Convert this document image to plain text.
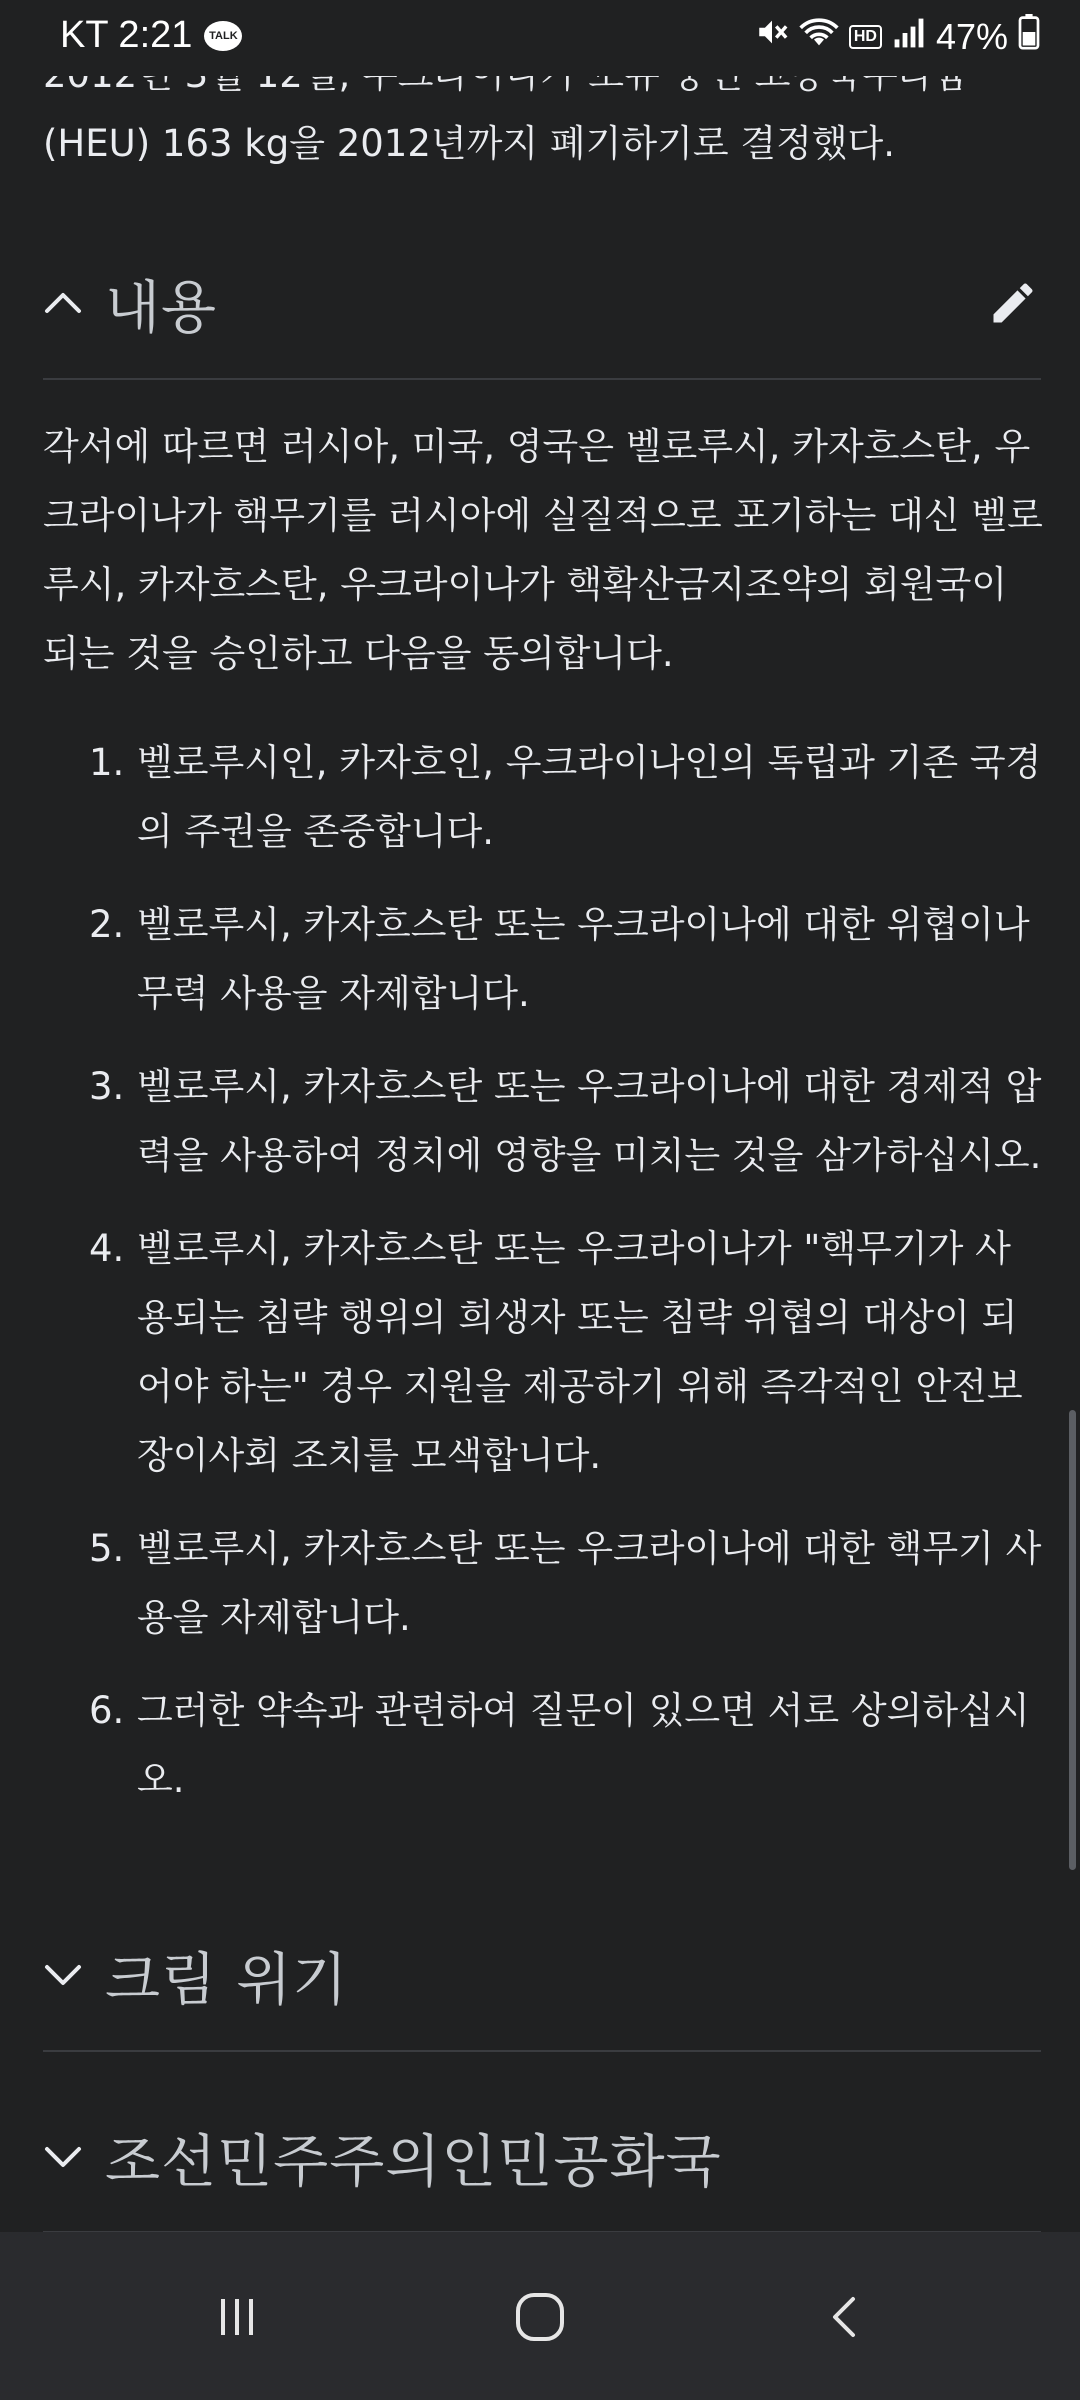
(HEU) 163 kg을 2012년까지 폐기하기로 결정했다.

내용

각서에 따르면 러시아, 미국, 영국은 벨로루시, 카자흐스탄, 우크라이나가 핵무기를 러시아에 실질적으로 포기하는 대신 벨로루시, 카자흐스탄, 우크라이나가 핵확산금지조약의 회원국이 되는 것을 승인하고 다음을 동의합니다.

1. 벨로루시인, 카자흐인, 우크라이나인의 독립과 기존 국경의 주권을 존중합니다.
2. 벨로루시, 카자흐스탄 또는 우크라이나에 대한 위협이나 무력 사용을 자제합니다.
3. 벨로루시, 카자흐스탄 또는 우크라이나에 대한 경제적 압력을 사용하여 정치에 영향을 미치는 것을 삼가하십시오.
4. 벨로루시, 카자흐스탄 또는 우크라이나가 "핵무기가 사용되는 침략 행위의 희생자 또는 침략 위협의 대상이 되어야 하는" 경우 지원을 제공하기 위해 즉각적인 안전보장이사회 조치를 모색합니다.
5. 벨로루시, 카자흐스탄 또는 우크라이나에 대한 핵무기 사용을 자제합니다.
6. 그러한 약속과 관련하여 질문이 있으면 서로 상의하십시오.
크림 위기
조선민주주의인민공화국
KT 2:21	TALK	HD 47%
